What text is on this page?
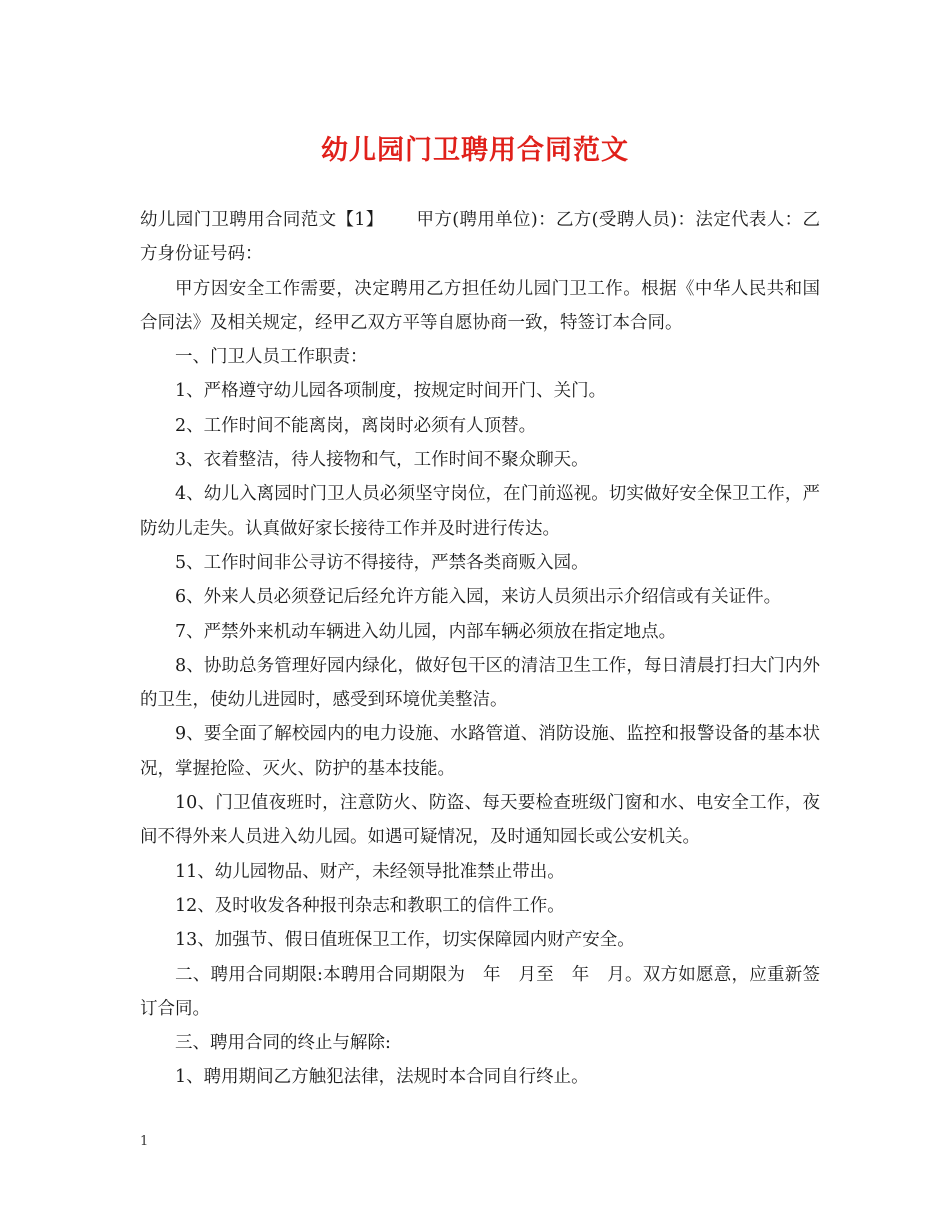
幼儿园门卫聘用合同范文

幼儿园门卫聘用合同范文【1】　　 甲方(聘用单位)：乙方(受聘人员)：法定代表人：乙方身份证号码：

甲方因安全工作需要，决定聘用乙方担任幼儿园门卫工作。根据《中华人民共和国合同法》及相关规定，经甲乙双方平等自愿协商一致，特签订本合同。

一、门卫人员工作职责：

1、严格遵守幼儿园各项制度，按规定时间开门、关门。

2、工作时间不能离岗，离岗时必须有人顶替。

3、衣着整洁，待人接物和气，工作时间不聚众聊天。

4、幼儿入离园时门卫人员必须坚守岗位，在门前巡视。切实做好安全保卫工作，严防幼儿走失。认真做好家长接待工作并及时进行传达。

5、工作时间非公寻访不得接待，严禁各类商贩入园。

6、外来人员必须登记后经允许方能入园，来访人员须出示介绍信或有关证件。

7、严禁外来机动车辆进入幼儿园，内部车辆必须放在指定地点。

8、协助总务管理好园内绿化，做好包干区的清洁卫生工作，每日清晨打扫大门内外的卫生，使幼儿进园时，感受到环境优美整洁。

9、要全面了解校园内的电力设施、水路管道、消防设施、监控和报警设备的基本状况，掌握抢险、灭火、防护的基本技能。

10、门卫值夜班时，注意防火、防盗、每天要检查班级门窗和水、电安全工作，夜间不得外来人员进入幼儿园。如遇可疑情况，及时通知园长或公安机关。

11、幼儿园物品、财产，未经领导批准禁止带出。

12、及时收发各种报刊杂志和教职工的信件工作。

13、加强节、假日值班保卫工作，切实保障园内财产安全。

二、聘用合同期限:本聘用合同期限为　年　月至　年　月。双方如愿意，应重新签订合同。

三、聘用合同的终止与解除:

1、聘用期间乙方触犯法律，法规时本合同自行终止。

1
